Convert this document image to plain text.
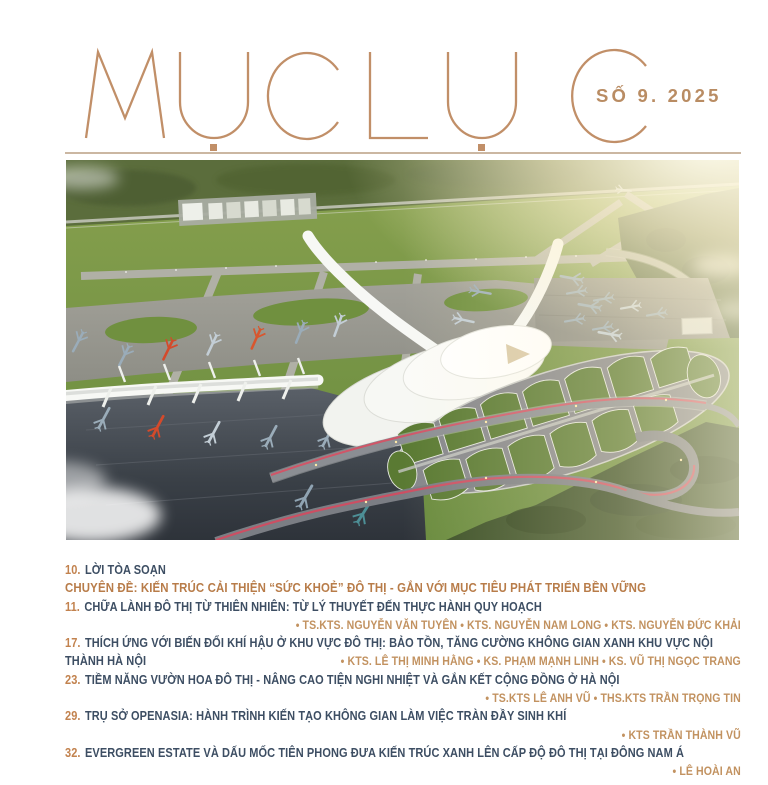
SỐ 9. 2025
10. LỜI TÒA SOẠN
CHUYÊN ĐỀ: KIẾN TRÚC CẢI THIỆN “SỨC KHOẺ” ĐÔ THỊ - GẮN VỚI MỤC TIÊU PHÁT TRIỂN BỀN VỮNG
11. CHỮA LÀNH ĐÔ THỊ TỪ THIÊN NHIÊN: TỪ LÝ THUYẾT ĐẾN THỰC HÀNH QUY HOẠCH
• TS.KTS. NGUYỄN VĂN TUYÊN • KTS. NGUYỄN NAM LONG • KTS. NGUYỄN ĐỨC KHẢI
17. THÍCH ỨNG VỚI BIẾN ĐỔI KHÍ HẬU Ở KHU VỰC ĐÔ THỊ: BẢO TỒN, TĂNG CƯỜNG KHÔNG GIAN XANH KHU VỰC NỘI
THÀNH HÀ NỘI	• KTS. LÊ THỊ MINH HẰNG • KS. PHẠM MẠNH LINH • KS. VŨ THỊ NGỌC TRANG
23. TIỀM NĂNG VƯỜN HOA ĐÔ THỊ - NÂNG CAO TIỆN NGHI NHIỆT VÀ GẮN KẾT CỘNG ĐỒNG Ở HÀ NỘI
• TS.KTS LÊ ANH VŨ • THS.KTS TRẦN TRỌNG TIN
29. TRỤ SỞ OPENASIA: HÀNH TRÌNH KIẾN TẠO KHÔNG GIAN LÀM VIỆC TRÀN ĐẦY SINH KHÍ
• KTS TRẦN THÀNH VŨ
32. EVERGREEN ESTATE VÀ DẤU MỐC TIÊN PHONG ĐƯA KIẾN TRÚC XANH LÊN CẤP ĐỘ ĐÔ THỊ TẠI ĐÔNG NAM Á
• LÊ HOÀI AN
